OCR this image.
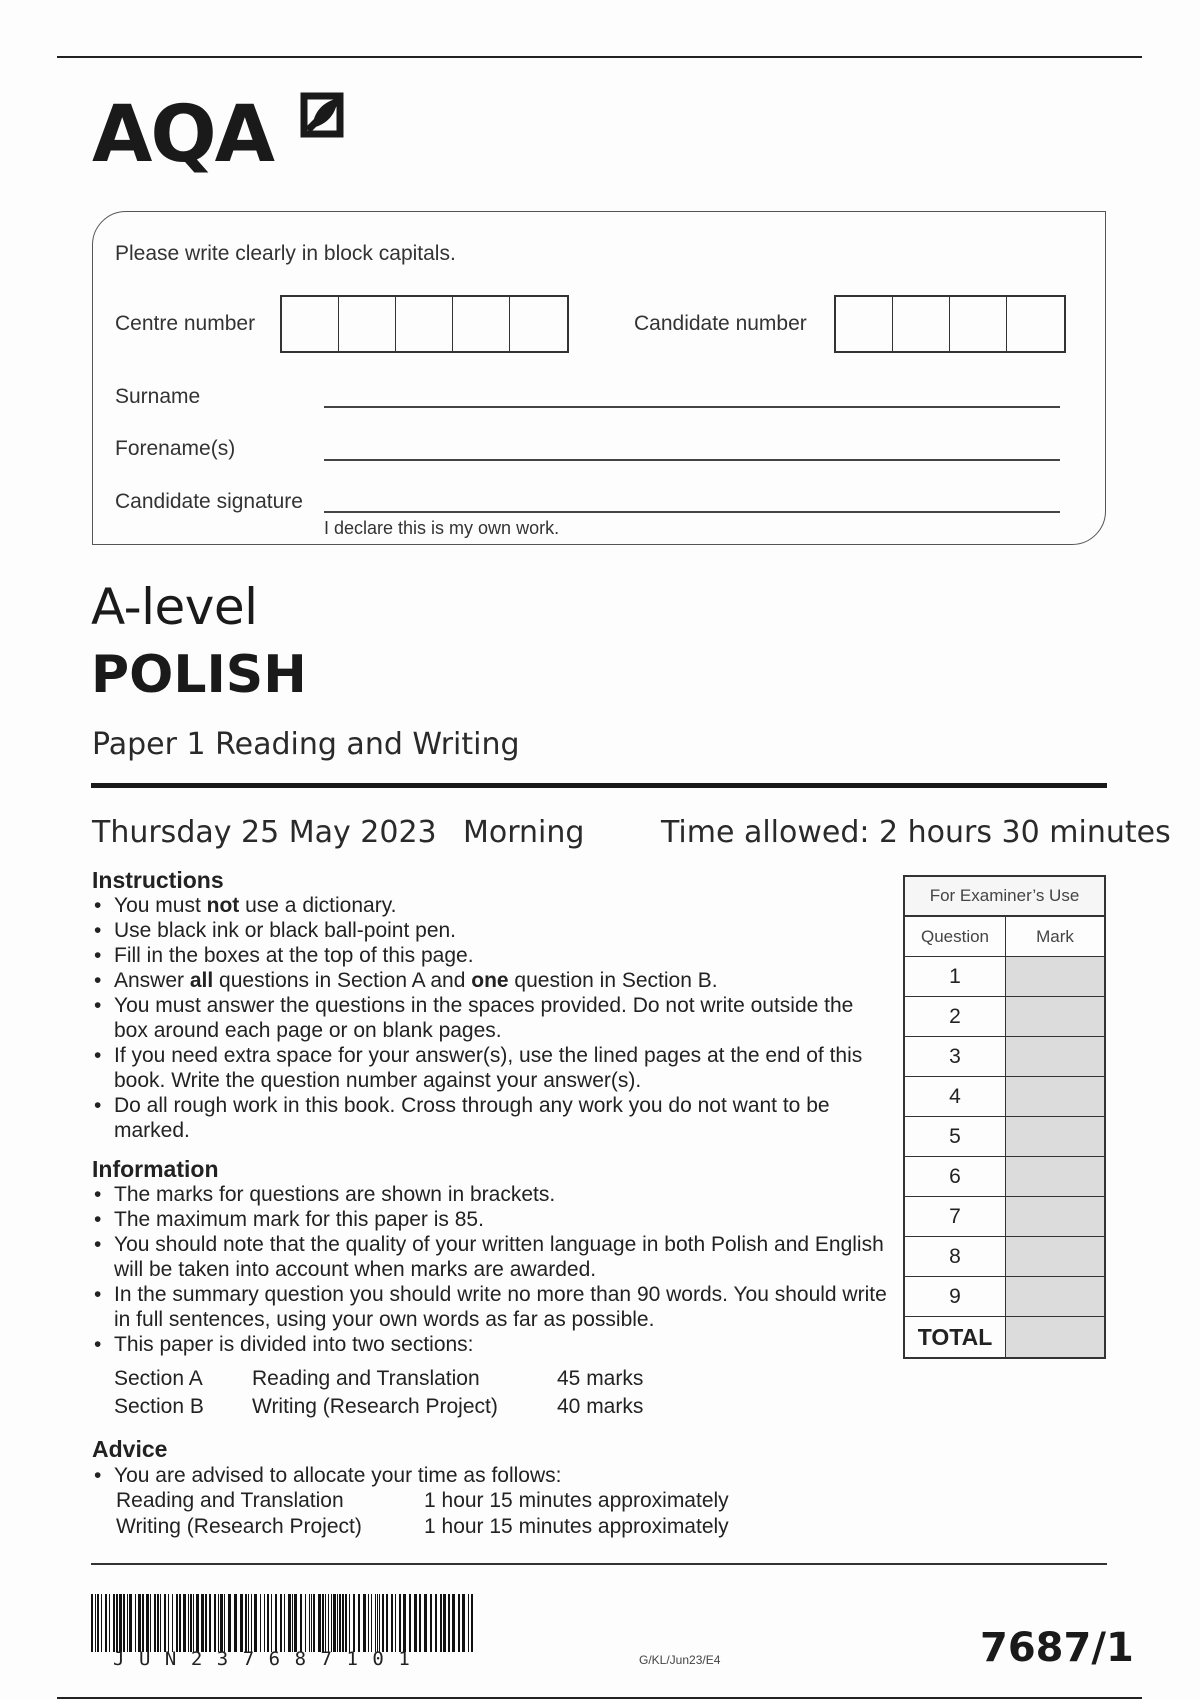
AQA
Please write clearly in block capitals.
Centre number	Candidate number
Surname
Forename(s)
Candidate signature
I declare this is my own work.
A-level
POLISH
Paper 1 Reading and Writing
Thursday 25 May 2023 Morning	Time allowed: 2 hours 30 minutes
Instructions
• You must not use a dictionary.
• Use black ink or black ball-point pen.
• Fill in the boxes at the top of this page.
• Answer all questions in Section A and one question in Section B.
• You must answer the questions in the spaces provided. Do not write outside the box around each page or on blank pages.
• If you need extra space for your answer(s), use the lined pages at the end of this book. Write the question number against your answer(s).
• Do all rough work in this book. Cross through any work you do not want to be marked.
Information
• The marks for questions are shown in brackets.
• The maximum mark for this paper is 85.
• You should note that the quality of your written language in both Polish and English will be taken into account when marks are awarded.
• In the summary question you should write no more than 90 words. You should write in full sentences, using your own words as far as possible.
• This paper is divided into two sections:
Section A	Reading and Translation	45 marks
Section B	Writing (Research Project)	40 marks
Advice
• You are advised to allocate your time as follows:
Reading and Translation	1 hour 15 minutes approximately
Writing (Research Project)	1 hour 15 minutes approximately
For Examiner’s Use
Question	Mark
1
2
3
4
5
6
7
8
9
TOTAL
JUN237687101	G/KL/Jun23/E4	7687/1
